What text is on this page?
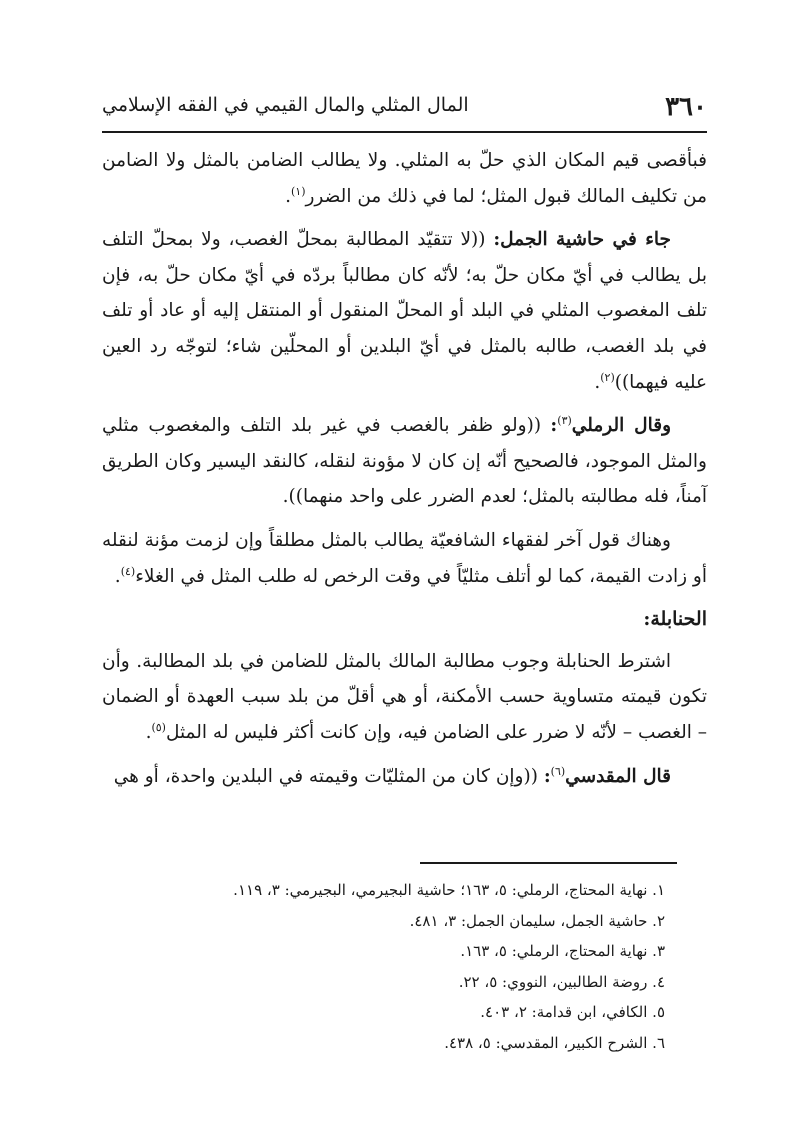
٣٦٠
المال المثلي والمال القيمي في الفقه الإسلامي

فبأقصى قيم المكان الذي حلّ به المثلي. ولا يطالب الضامن بالمثل ولا الضامن من تكليف المالك قبول المثل؛ لما في ذلك من الضرر$^{(١)}$.

جاء في حاشية الجمل: ((لا تتقيّد المطالبة بمحلّ الغصب، ولا بمحلّ التلف بل يطالب في أيّ مكان حلّ به؛ لأنّه كان مطالباً بردّه في أيّ مكان حلّ به، فإن تلف المغصوب المثلي في البلد أو المحلّ المنقول أو المنتقل إليه أو عاد أو تلف في بلد الغصب، طالبه بالمثل في أيّ البلدين أو المحلّين شاء؛ لتوجّه رد العين عليه فيهما))$^{(٢)}$.

وقال الرملي$^{(٣)}$: ((ولو ظفر بالغصب في غير بلد التلف والمغصوب مثلي والمثل الموجود، فالصحيح أنّه إن كان لا مؤونة لنقله، كالنقد اليسير وكان الطريق آمناً، فله مطالبته بالمثل؛ لعدم الضرر على واحد منهما)).

وهناك قول آخر لفقهاء الشافعيّة يطالب بالمثل مطلقاً وإن لزمت مؤنة لنقله أو زادت القيمة، كما لو أتلف مثليّاً في وقت الرخص له طلب المثل في الغلاء$^{(٤)}$.

الحنابلة:

اشترط الحنابلة وجوب مطالبة المالك بالمثل للضامن في بلد المطالبة. وأن تكون قيمته متساوية حسب الأمكنة، أو هي أقلّ من بلد سبب العهدة أو الضمان – الغصب – لأنّه لا ضرر على الضامن فيه، وإن كانت أكثر فليس له المثل$^{(٥)}$.

قال المقدسي$^{(٦)}$: ((وإن كان من المثليّات وقيمته في البلدين واحدة، أو هي

١. نهاية المحتاج، الرملي: ٥، ١٦٣؛ حاشية البجيرمي، البجيرمي: ٣، ١١٩.
٢. حاشية الجمل، سليمان الجمل: ٣، ٤٨١.
٣. نهاية المحتاج، الرملي: ٥، ١٦٣.
٤. روضة الطالبين، النووي: ٥، ٢٢.
٥. الكافي، ابن قدامة: ٢، ٤٠٣.
٦. الشرح الكبير، المقدسي: ٥، ٤٣٨.
